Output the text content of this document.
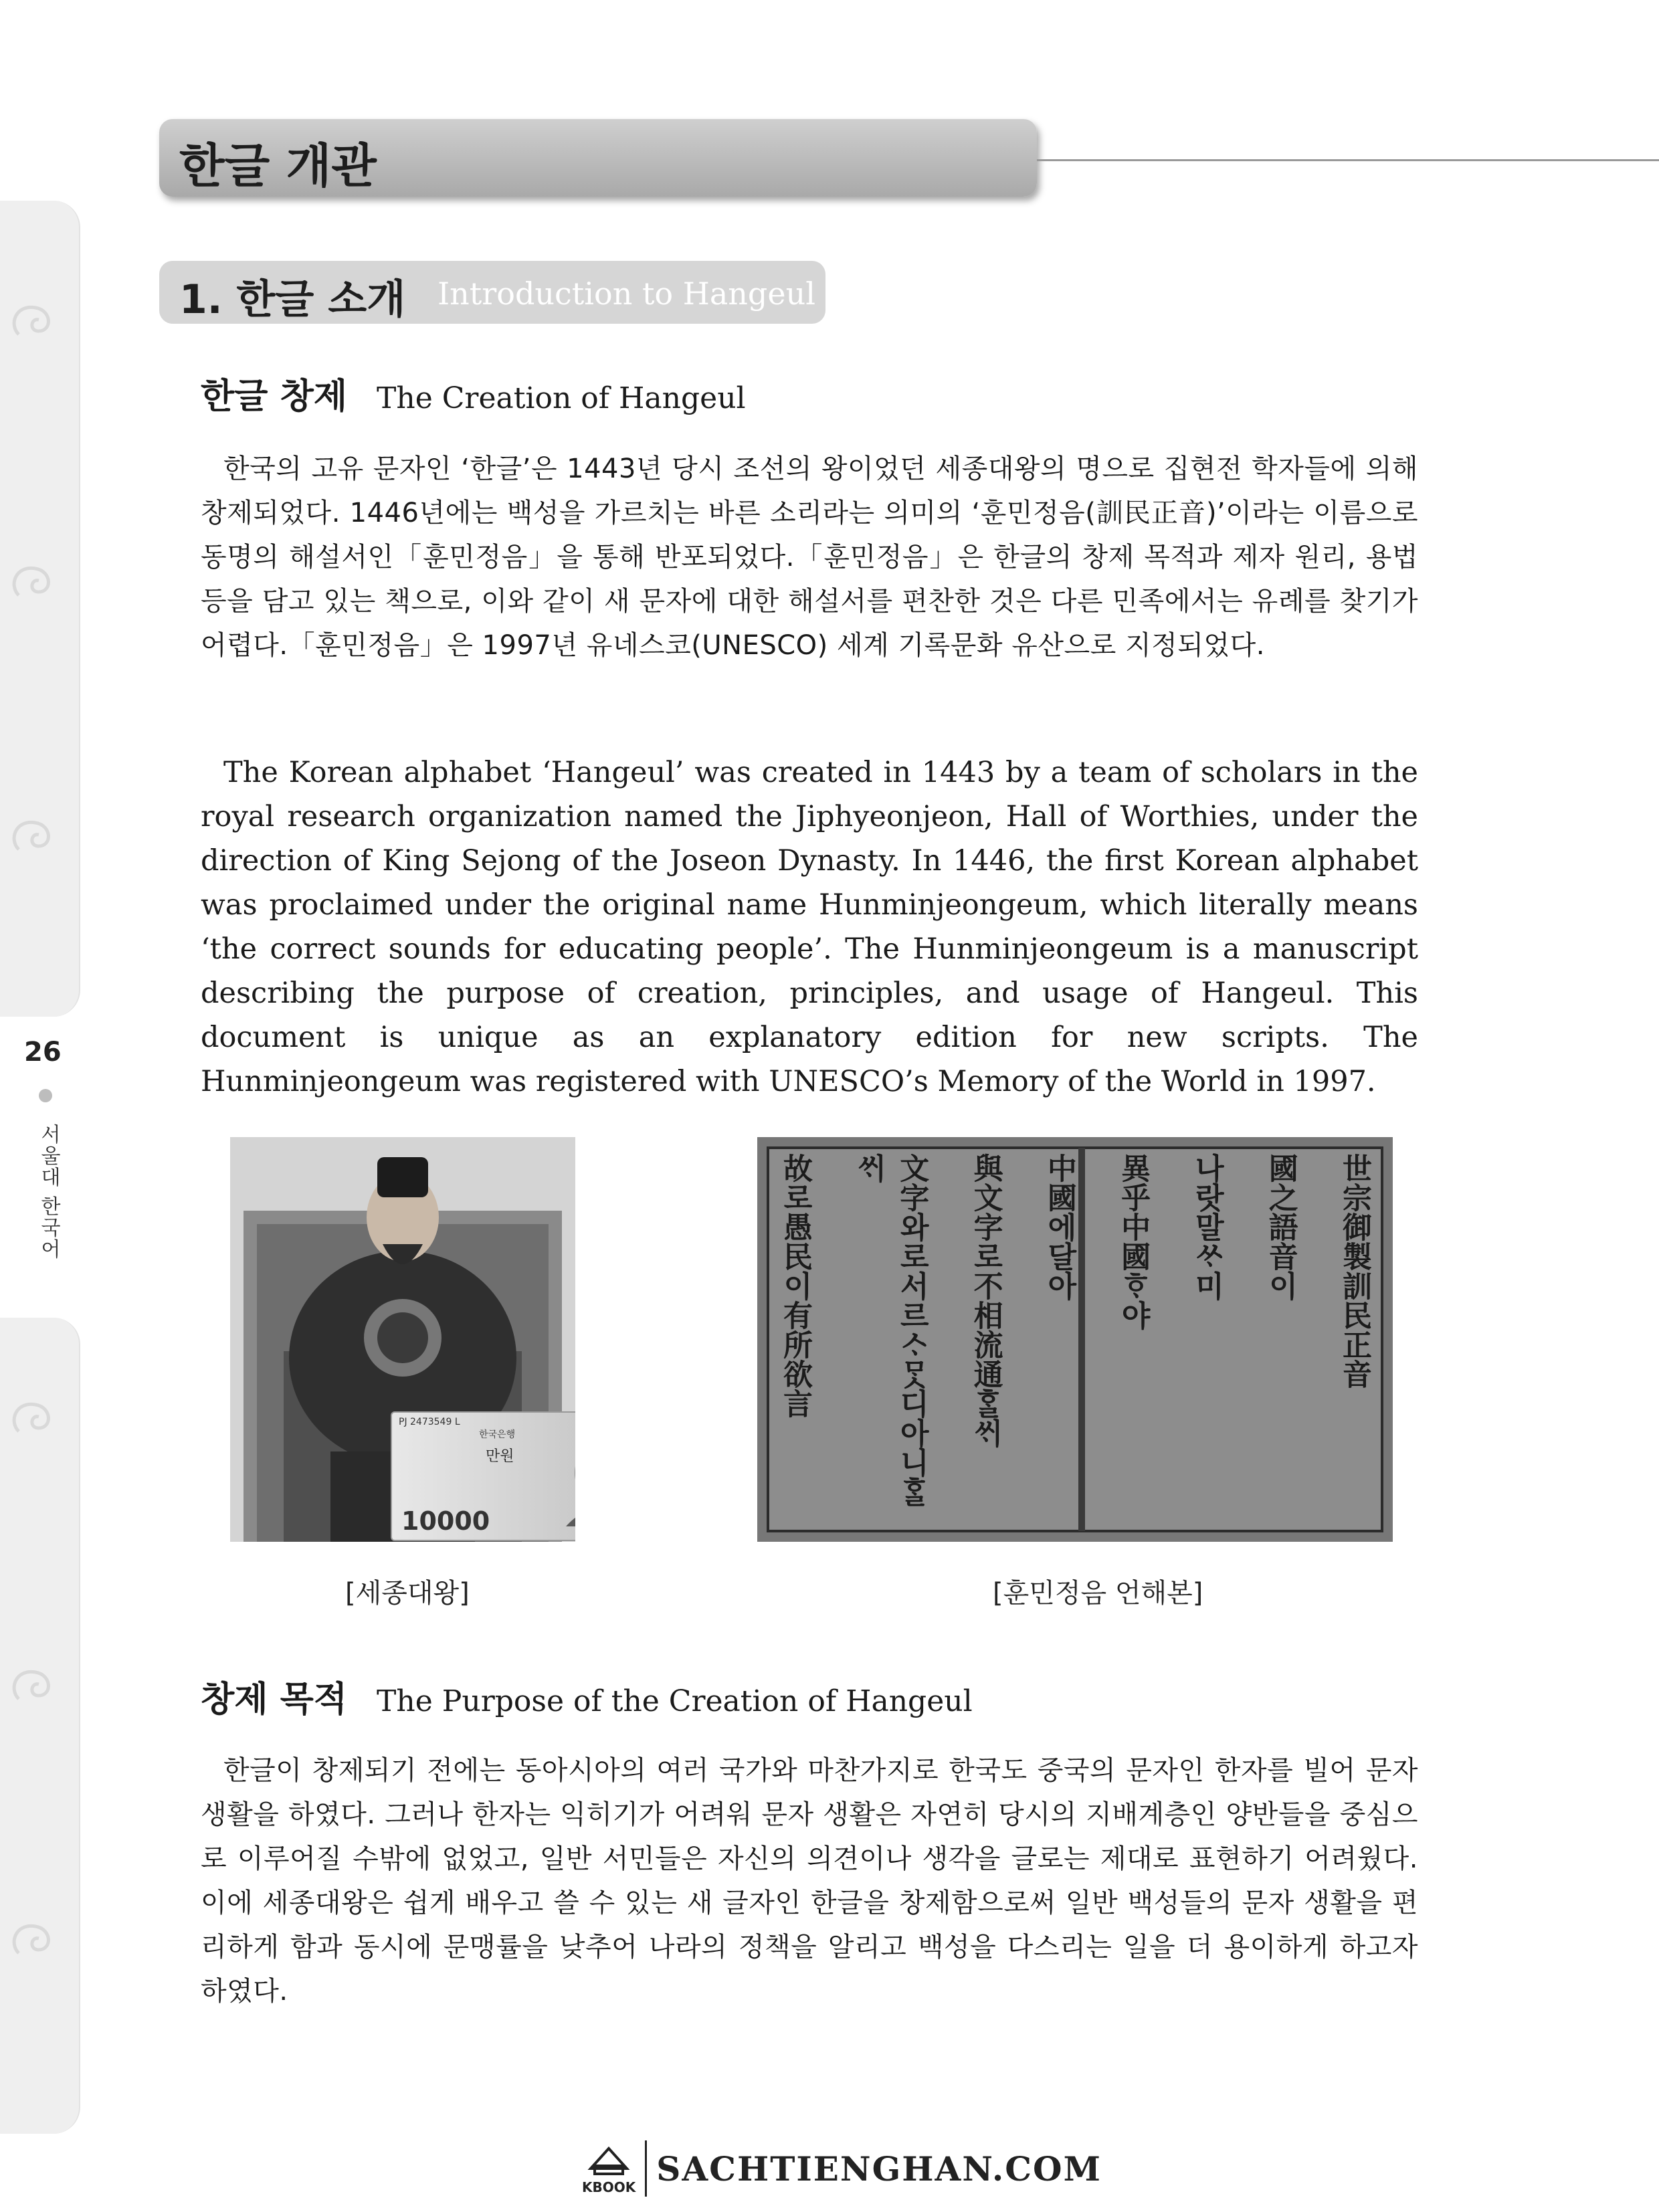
26
서울대 한국어
한글 개관
1. 한글 소개 Introduction to Hangeul
한글 창제 The Creation of Hangeul

한국의 고유 문자인 ‘한글’은 1443년 당시 조선의 왕이었던 세종대왕의 명으로 집현전 학자들에 의해 창제되었다. 1446년에는 백성을 가르치는 바른 소리라는 의미의 ‘훈민정음(訓民正音)’이라는 이름으로 동명의 해설서인「훈민정음」을 통해 반포되었다.「훈민정음」은 한글의 창제 목적과 제자 원리, 용법 등을 담고 있는 책으로, 이와 같이 새 문자에 대한 해설서를 편찬한 것은 다른 민족에서는 유례를 찾기가 어렵다.「훈민정음」은 1997년 유네스코(UNESCO) 세계 기록문화 유산으로 지정되었다.

The Korean alphabet ‘Hangeul’ was created in 1443 by a team of scholars in the royal research organization named the Jiphyeonjeon, Hall of Worthies, under the direction of King Sejong of the Joseon Dynasty. In 1446, the first Korean alphabet was proclaimed under the original name Hunminjeongeum, which literally means ‘the correct sounds for educating people’. The Hunminjeongeum is a manuscript describing the purpose of creation, principles, and usage of Hangeul. This document is unique as an explanatory edition for new scripts. The Hunminjeongeum was registered with UNESCO’s Memory of the World in 1997.

PJ 2473549 L
한국은행
만원
10000
[세종대왕]
世宗御製訓民正音
國之語音이
나랏말ᄊᆞ미
異乎中國ᄒᆞ야
中國에달아
與文字로不相流通ᄒᆞᆯᄊᆡ
文字와로서르ᄉᆞᄆᆞᆺ디아니ᄒᆞᆯᄊᆡ
故로愚民이有所欲言
[훈민정음 언해본]
창제 목적 The Purpose of the Creation of Hangeul

한글이 창제되기 전에는 동아시아의 여러 국가와 마찬가지로 한국도 중국의 문자인 한자를 빌어 문자 생활을 하였다. 그러나 한자는 익히기가 어려워 문자 생활은 자연히 당시의 지배계층인 양반들을 중심으로 이루어질 수밖에 없었고, 일반 서민들은 자신의 의견이나 생각을 글로는 제대로 표현하기 어려웠다. 이에 세종대왕은 쉽게 배우고 쓸 수 있는 새 글자인 한글을 창제함으로써 일반 백성들의 문자 생활을 편리하게 함과 동시에 문맹률을 낮추어 나라의 정책을 알리고 백성을 다스리는 일을 더 용이하게 하고자 하였다.

KBOOK SACHTIENGHAN.COM
